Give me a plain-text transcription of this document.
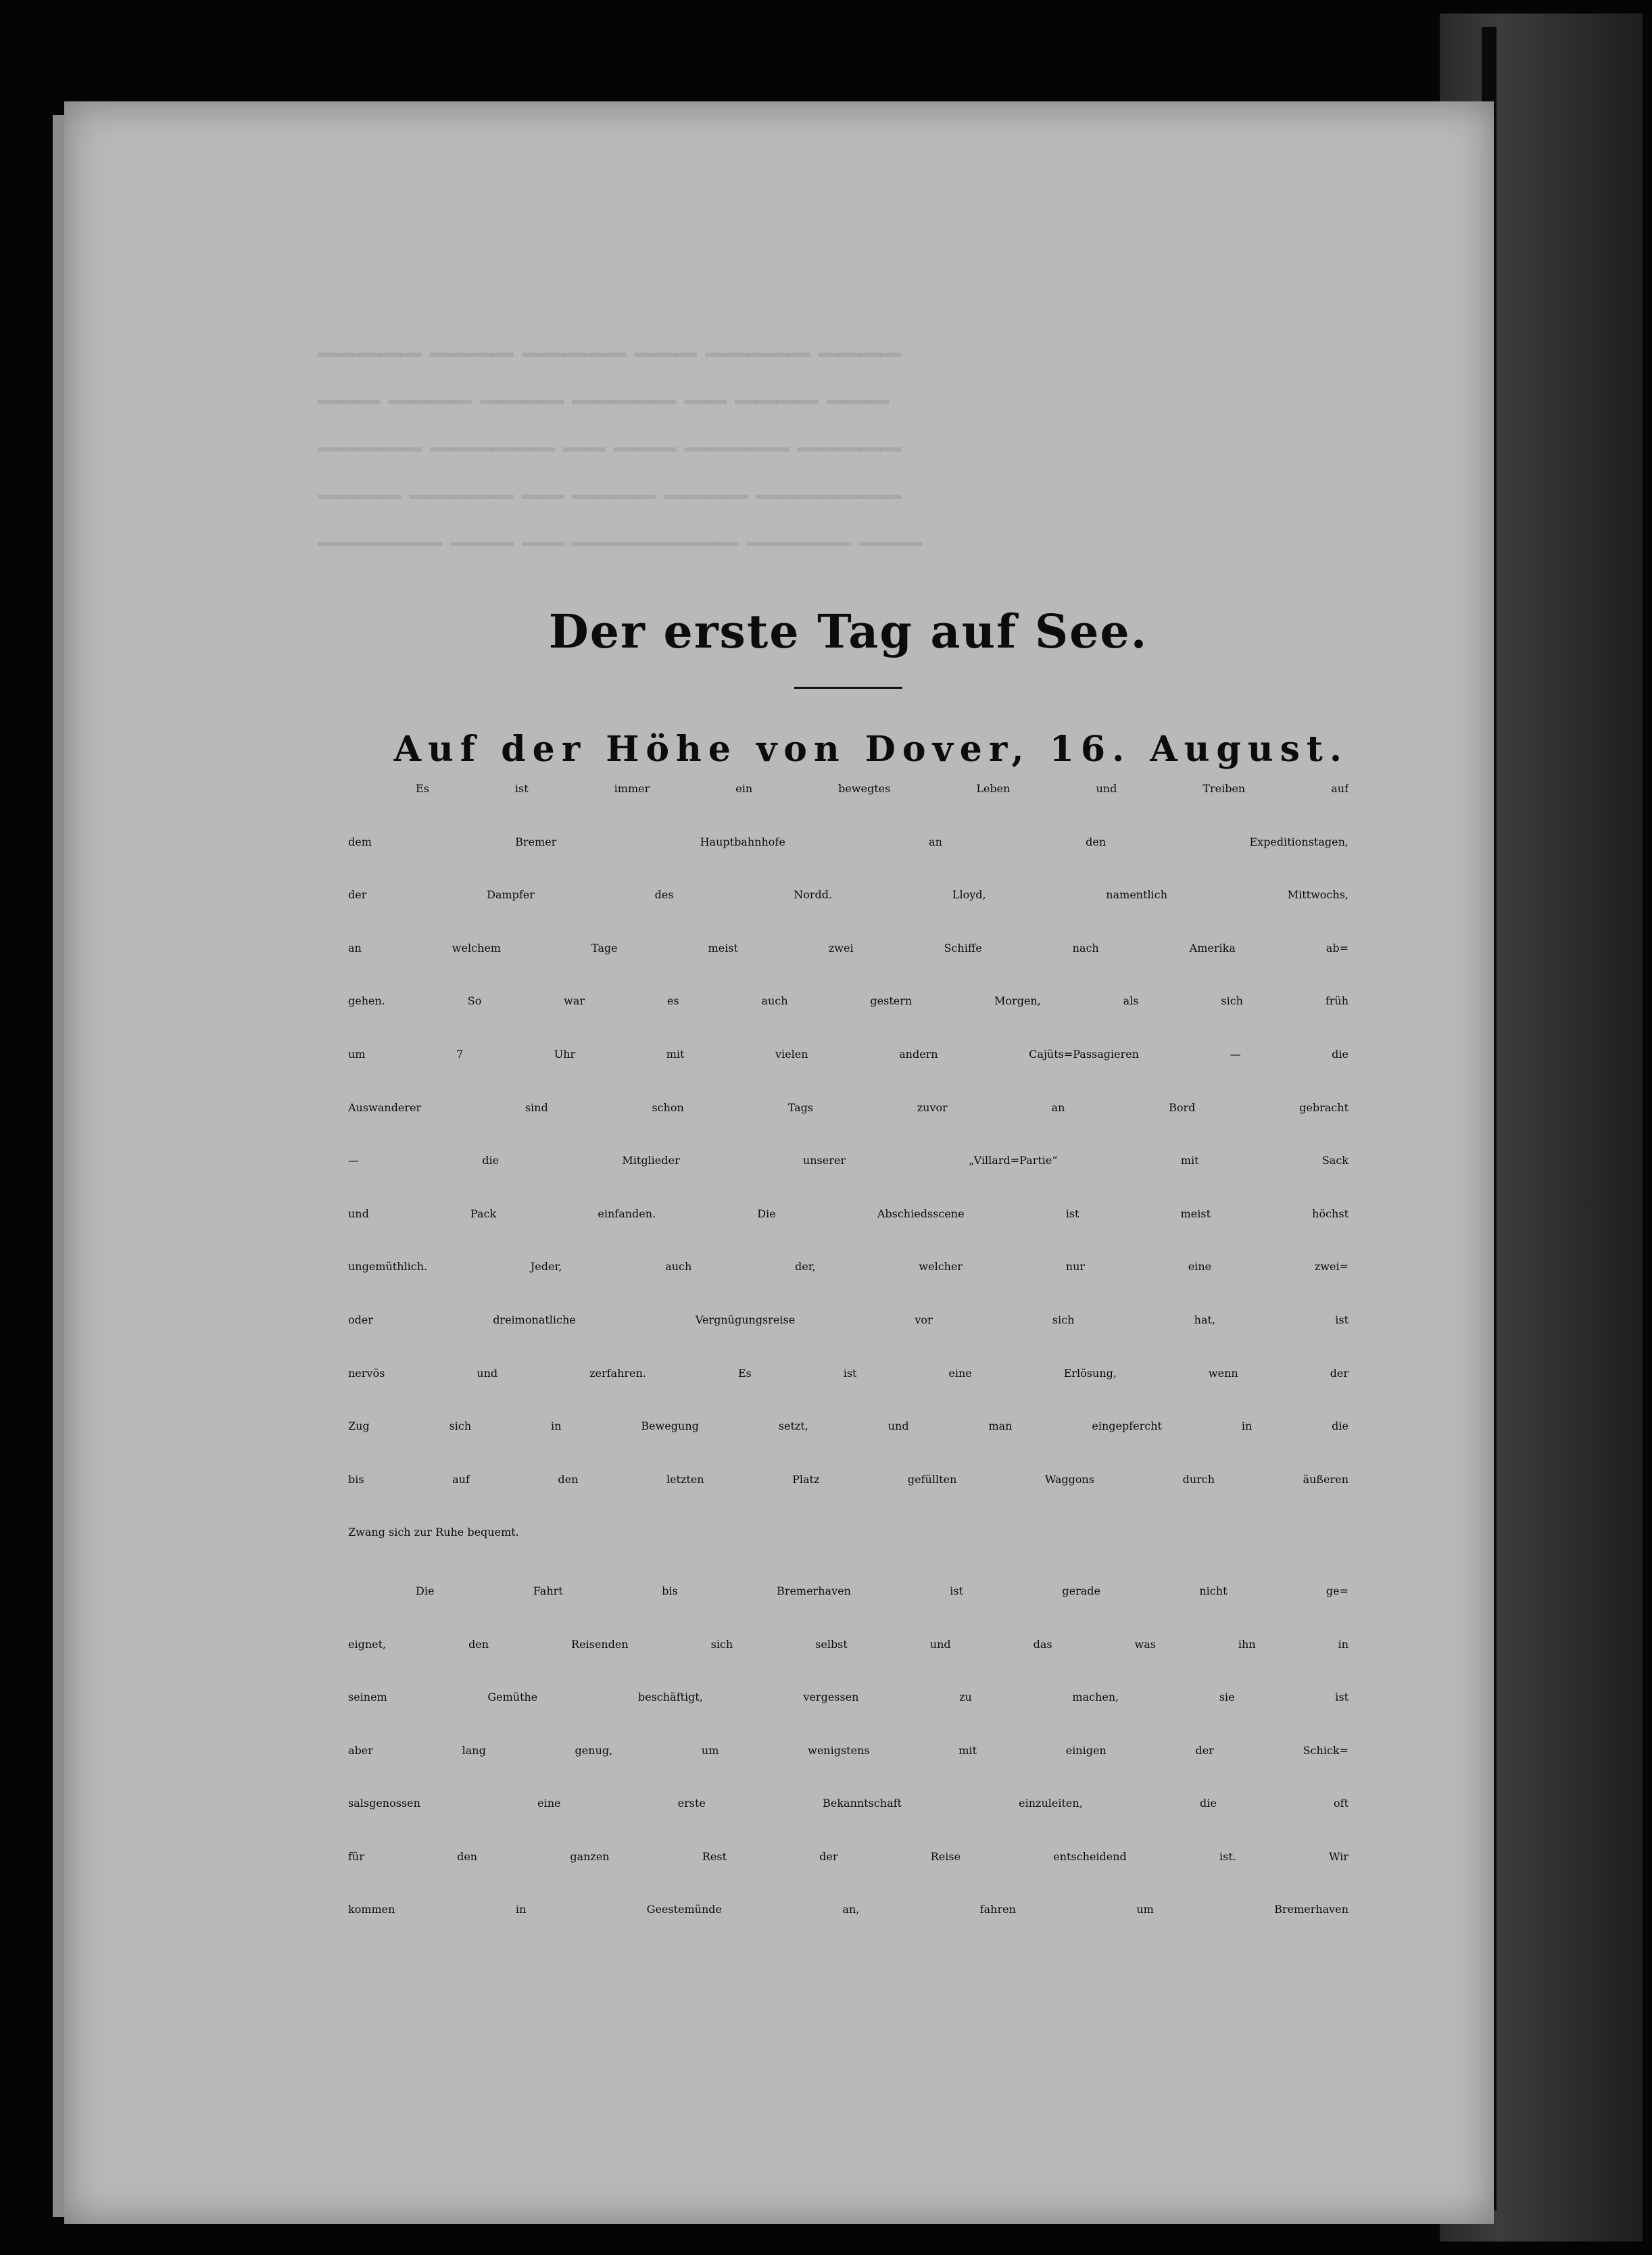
▁▁▁▁▁ ▁▁▁▁ ▁▁▁▁▁ ▁▁▁ ▁▁▁▁▁ ▁▁▁▁
▁▁▁ ▁▁▁▁ ▁▁▁▁ ▁▁▁▁▁ ▁▁ ▁▁▁▁ ▁▁▁
▁▁▁▁▁ ▁▁▁▁▁▁ ▁▁ ▁▁▁ ▁▁▁▁▁ ▁▁▁▁▁
▁▁▁▁ ▁▁▁▁▁ ▁▁ ▁▁▁▁ ▁▁▁▁ ▁▁▁▁▁▁▁
▁▁▁▁▁▁ ▁▁▁ ▁▁ ▁▁▁▁▁▁▁▁ ▁▁▁▁▁ ▁▁▁
Der erste Tag auf See.
Auf der Höhe von Dover, 16. August.
Es ist immer ein bewegtes Leben und Treiben auf
dem Bremer Hauptbahnhofe an den Expeditionstagen,
der Dampfer des Nordd. Lloyd, namentlich Mittwochs,
an welchem Tage meist zwei Schiffe nach Amerika ab=
gehen. So war es auch gestern Morgen, als sich früh
um 7 Uhr mit vielen andern Cajüts=Passagieren — die
Auswanderer sind schon Tags zuvor an Bord gebracht
— die Mitglieder unserer „Villard=Partie“ mit Sack
und Pack einfanden. Die Abschiedsscene ist meist höchst
ungemüthlich. Jeder, auch der, welcher nur eine zwei=
oder dreimonatliche Vergnügungsreise vor sich hat, ist
nervös und zerfahren. Es ist eine Erlösung, wenn der
Zug sich in Bewegung setzt, und man eingepfercht in die
bis auf den letzten Platz gefüllten Waggons durch äußeren
Zwang sich zur Ruhe bequemt.
Die Fahrt bis Bremerhaven ist gerade nicht ge=
eignet, den Reisenden sich selbst und das was ihn in
seinem Gemüthe beschäftigt, vergessen zu machen, sie ist
aber lang genug, um wenigstens mit einigen der Schick=
salsgenossen eine erste Bekanntschaft einzuleiten, die oft
für den ganzen Rest der Reise entscheidend ist. Wir
kommen in Geestemünde an, fahren um Bremerhaven
